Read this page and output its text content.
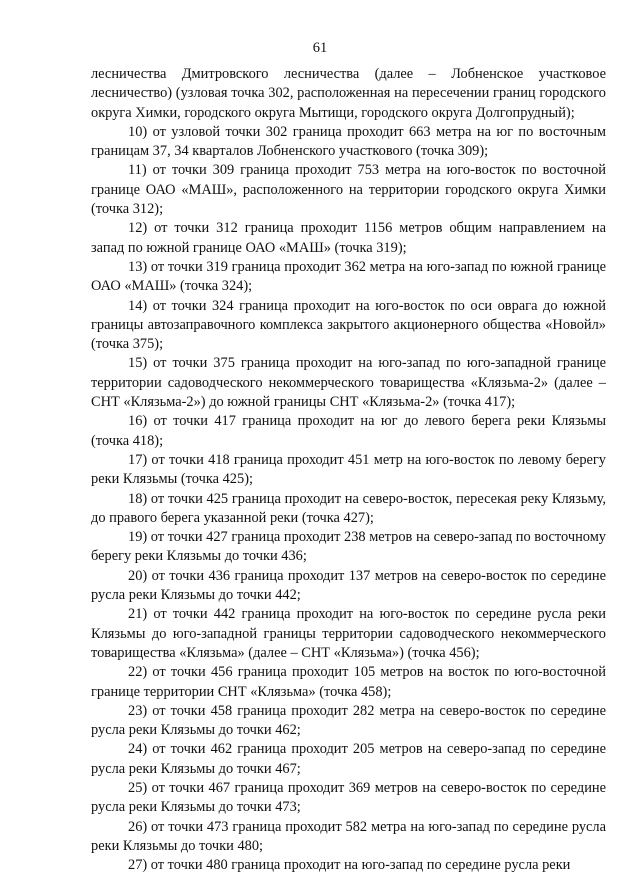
61

лесничества Дмитровского лесничества (далее – Лобненское участковое лесничество) (узловая точка 302, расположенная на пересечении границ городского округа Химки, городского округа Мытищи, городского округа Долгопрудный);

10) от узловой точки 302 граница проходит 663 метра на юг по восточным границам 37, 34 кварталов Лобненского участкового (точка 309);

11) от точки 309 граница проходит 753 метра на юго-восток по восточной границе ОАО «МАШ», расположенного на территории городского округа Химки (точка 312);

12) от точки 312 граница проходит 1156 метров общим направлением на запад по южной границе ОАО «МАШ» (точка 319);

13) от точки 319 граница проходит 362 метра на юго-запад по южной границе ОАО «МАШ» (точка 324);

14) от точки 324 граница проходит на юго-восток по оси оврага до южной границы автозаправочного комплекса закрытого акционерного общества «Новойл» (точка 375);

15) от точки 375 граница проходит на юго-запад по юго-западной границе территории садоводческого некоммерческого товарищества «Клязьма-2» (далее – СНТ «Клязьма-2») до южной границы СНТ «Клязьма-2» (точка 417);

16) от точки 417 граница проходит на юг до левого берега реки Клязьмы (точка 418);

17) от точки 418 граница проходит 451 метр на юго-восток по левому берегу реки Клязьмы (точка 425);

18) от точки 425 граница проходит на северо-восток, пересекая реку Клязьму, до правого берега указанной реки (точка 427);

19) от точки 427 граница проходит 238 метров на северо-запад по восточному берегу реки Клязьмы до точки 436;

20) от точки 436 граница проходит 137 метров на северо-восток по середине русла реки Клязьмы до точки 442;

21) от точки 442 граница проходит на юго-восток по середине русла реки Клязьмы до юго-западной границы территории садоводческого некоммерческого товарищества «Клязьма» (далее – СНТ «Клязьма») (точка 456);

22) от точки 456 граница проходит 105 метров на восток по юго-восточной границе территории СНТ «Клязьма» (точка 458);

23) от точки 458 граница проходит 282 метра на северо-восток по середине русла реки Клязьмы до точки 462;

24) от точки 462 граница проходит 205 метров на северо-запад по середине русла реки Клязьмы до точки 467;

25) от точки 467 граница проходит 369 метров на северо-восток по середине русла реки Клязьмы до точки 473;

26) от точки 473 граница проходит 582 метра на юго-запад по середине русла реки Клязьмы до точки 480;

27) от точки 480 граница проходит на юго-запад по середине русла реки
